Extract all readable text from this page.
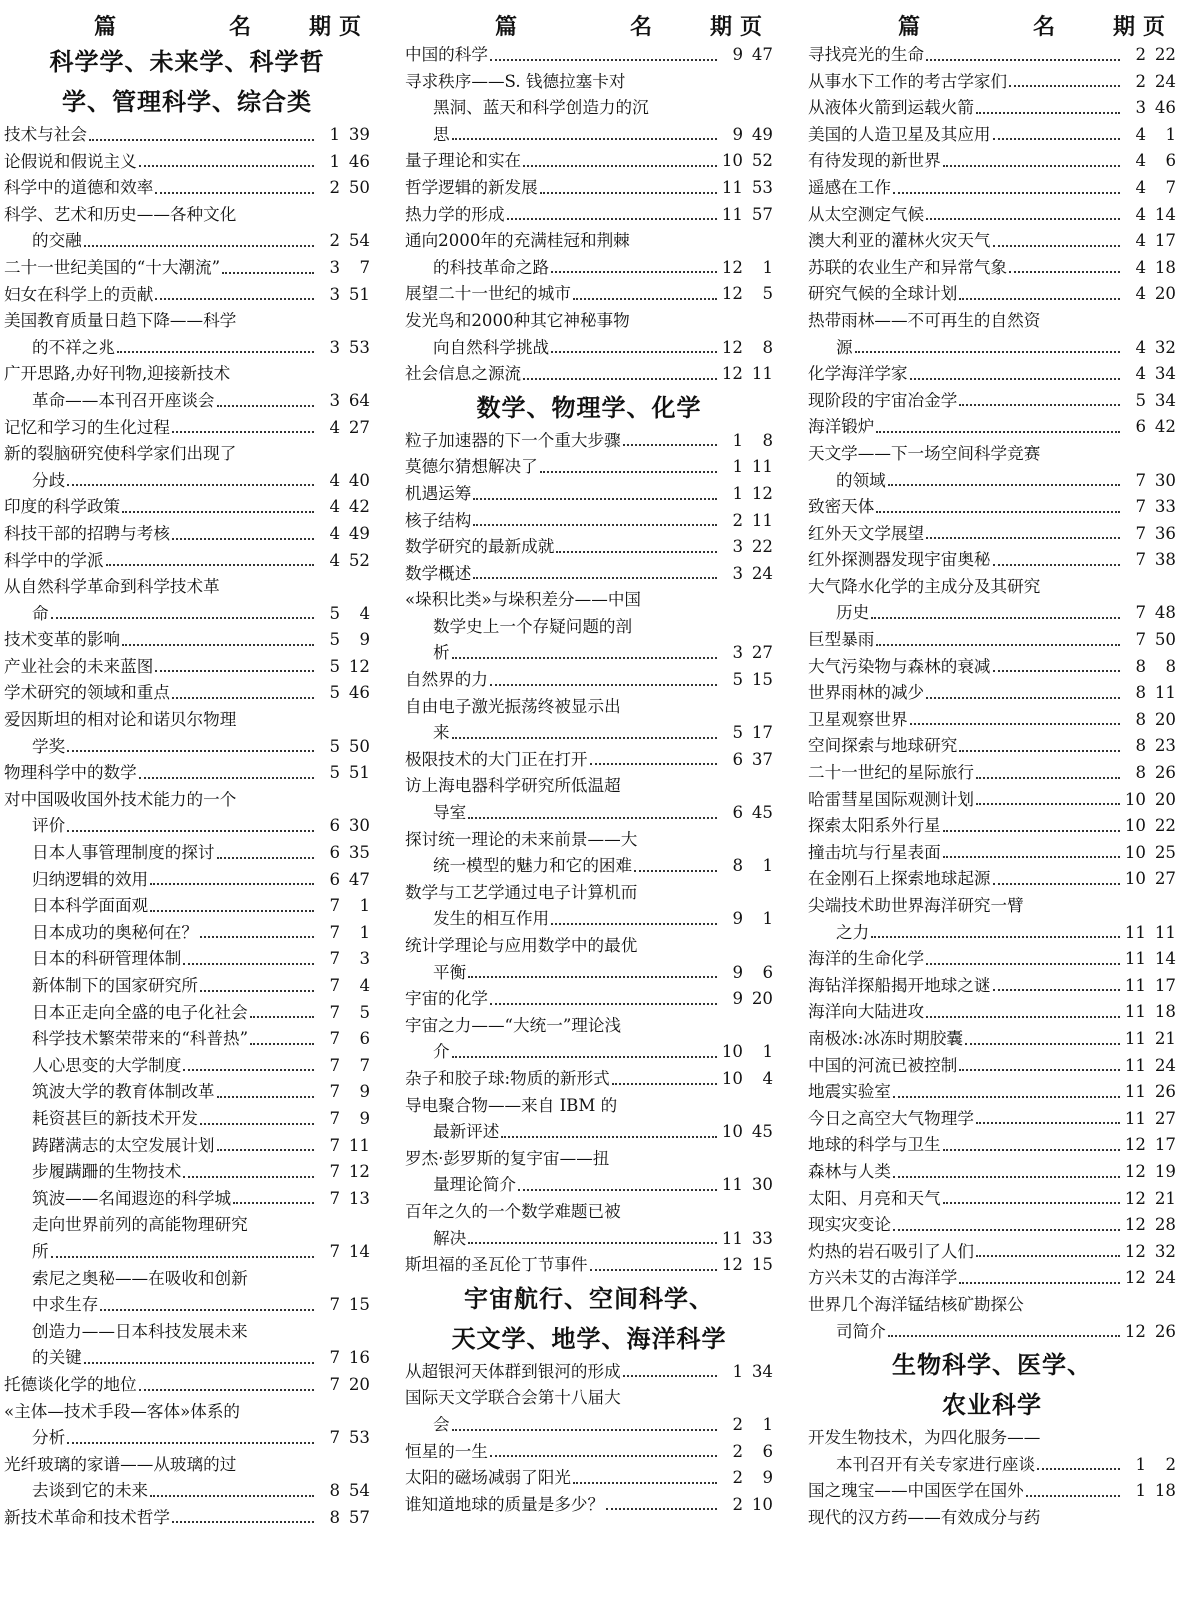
篇	名	期 页
科学学、未来学、科学哲
学、管理科学、综合类
技术与社会	1 39
论假说和假说主义	1 46
科学中的道德和效率	2 50
科学、艺术和历史——各种文化
的交融	2 54
二十一世纪美国的“十大潮流”	3	7
妇女在科学上的贡献	3 51
美国教育质量日趋下降——科学
的不祥之兆	3 53
广开思路,办好刊物,迎接新技术
革命——本刊召开座谈会	3 64
记忆和学习的生化过程	4 27
新的裂脑研究使科学家们出现了
分歧	4 40
印度的科学政策	4 42
科技干部的招聘与考核	4 49
科学中的学派	4 52
从自然科学革命到科学技术革
命	5	4
技术变革的影响	5	9
产业社会的未来蓝图	5 12
学术研究的领域和重点	5 46
爱因斯坦的相对论和诺贝尔物理
学奖	5 50
物理科学中的数学	5 51
对中国吸收国外技术能力的一个
评价	6 30
日本人事管理制度的探讨	6 35
归纳逻辑的效用	6 47
日本科学面面观	7	1
日本成功的奥秘何在？	7	1
日本的科研管理体制	7	3
新体制下的国家研究所	7	4
日本正走向全盛的电子化社会	7	5
科学技术繁荣带来的“科普热”	7	6
人心思变的大学制度	7	7
筑波大学的教育体制改革	7	9
耗资甚巨的新技术开发	7	9
踌躇满志的太空发展计划	7 11
步履蹒跚的生物技术	7 12
筑波——名闻遐迩的科学城	7 13
走向世界前列的高能物理研究
所	7 14
索尼之奥秘——在吸收和创新
中求生存	7 15
创造力——日本科技发展未来
的关键	7 16
托德谈化学的地位	7 20
«主体—技术手段—客体»体系的
分析	7 53
光纤玻璃的家谱——从玻璃的过
去谈到它的未来	8 54
新技术革命和技术哲学	8 57
篇	名	期 页
中国的科学	9 47
寻求秩序——S. 钱德拉塞卡对
黑洞、蓝天和科学创造力的沉
思	9 49
量子理论和实在	10 52
哲学逻辑的新发展	11 53
热力学的形成	11 57
通向2000年的充满桂冠和荆棘
的科技革命之路	12	1
展望二十一世纪的城市	12	5
发光鸟和2000种其它神秘事物
向自然科学挑战	12	8
社会信息之源流	12 11
数学、物理学、化学
粒子加速器的下一个重大步骤	1	8
莫德尔猜想解决了	1 11
机遇运筹	1 12
核子结构	2 11
数学研究的最新成就	3 22
数学概述	3 24
«垛积比类»与垛积差分——中国
数学史上一个存疑问题的剖
析	3 27
自然界的力	5 15
自由电子激光振荡终被显示出
来	5 17
极限技术的大门正在打开	6 37
访上海电器科学研究所低温超
导室	6 45
探讨统一理论的未来前景——大
统一模型的魅力和它的困难	8	1
数学与工艺学通过电子计算机而
发生的相互作用	9	1
统计学理论与应用数学中的最优
平衡	9	6
宇宙的化学	9 20
宇宙之力——“大统一”理论浅
介	10	1
杂子和胶子球:物质的新形式	10	4
导电聚合物——来自 IBM 的
最新评述	10 45
罗杰·彭罗斯的复宇宙——扭
量理论简介	11 30
百年之久的一个数学难题已被
解决	11 33
斯坦福的圣瓦伦丁节事件	12 15
宇宙航行、空间科学、
天文学、地学、海洋科学
从超银河天体群到银河的形成	1 34
国际天文学联合会第十八届大
会	2	1
恒星的一生	2	6
太阳的磁场减弱了阳光	2	9
谁知道地球的质量是多少？	2 10
篇	名	期 页
寻找亮光的生命	2 22
从事水下工作的考古学家们	2 24
从液体火箭到运载火箭	3 46
美国的人造卫星及其应用	4	1
有待发现的新世界	4	6
遥感在工作	4	7
从太空测定气候	4 14
澳大利亚的灌林火灾天气	4 17
苏联的农业生产和异常气象	4 18
研究气候的全球计划	4 20
热带雨林——不可再生的自然资
源	4 32
化学海洋学家	4 34
现阶段的宇宙冶金学	5 34
海洋锻炉	6 42
天文学——下一场空间科学竞赛
的领域	7 30
致密天体	7 33
红外天文学展望	7 36
红外探测器发现宇宙奥秘	7 38
大气降水化学的主成分及其研究
历史	7 48
巨型暴雨	7 50
大气污染物与森林的衰减	8	8
世界雨林的减少	8 11
卫星观察世界	8 20
空间探索与地球研究	8 23
二十一世纪的星际旅行	8 26
哈雷彗星国际观测计划	10 20
探索太阳系外行星	10 22
撞击坑与行星表面	10 25
在金刚石上探索地球起源	10 27
尖端技术助世界海洋研究一臂
之力	11 11
海洋的生命化学	11 14
海钻洋探船揭开地球之谜	11 17
海洋向大陆进攻	11 18
南极冰:冰冻时期胶囊	11 21
中国的河流已被控制	11 24
地震实验室	11 26
今日之高空大气物理学	11 27
地球的科学与卫生	12 17
森林与人类	12 19
太阳、月亮和天气	12 21
现实灾变论	12 28
灼热的岩石吸引了人们	12 32
方兴未艾的古海洋学	12 24
世界几个海洋锰结核矿勘探公
司简介	12 26
生物科学、医学、
农业科学
开发生物技术，为四化服务——
本刊召开有关专家进行座谈	1	2
国之瑰宝——中国医学在国外	1 18
现代的汉方药——有效成分与药
